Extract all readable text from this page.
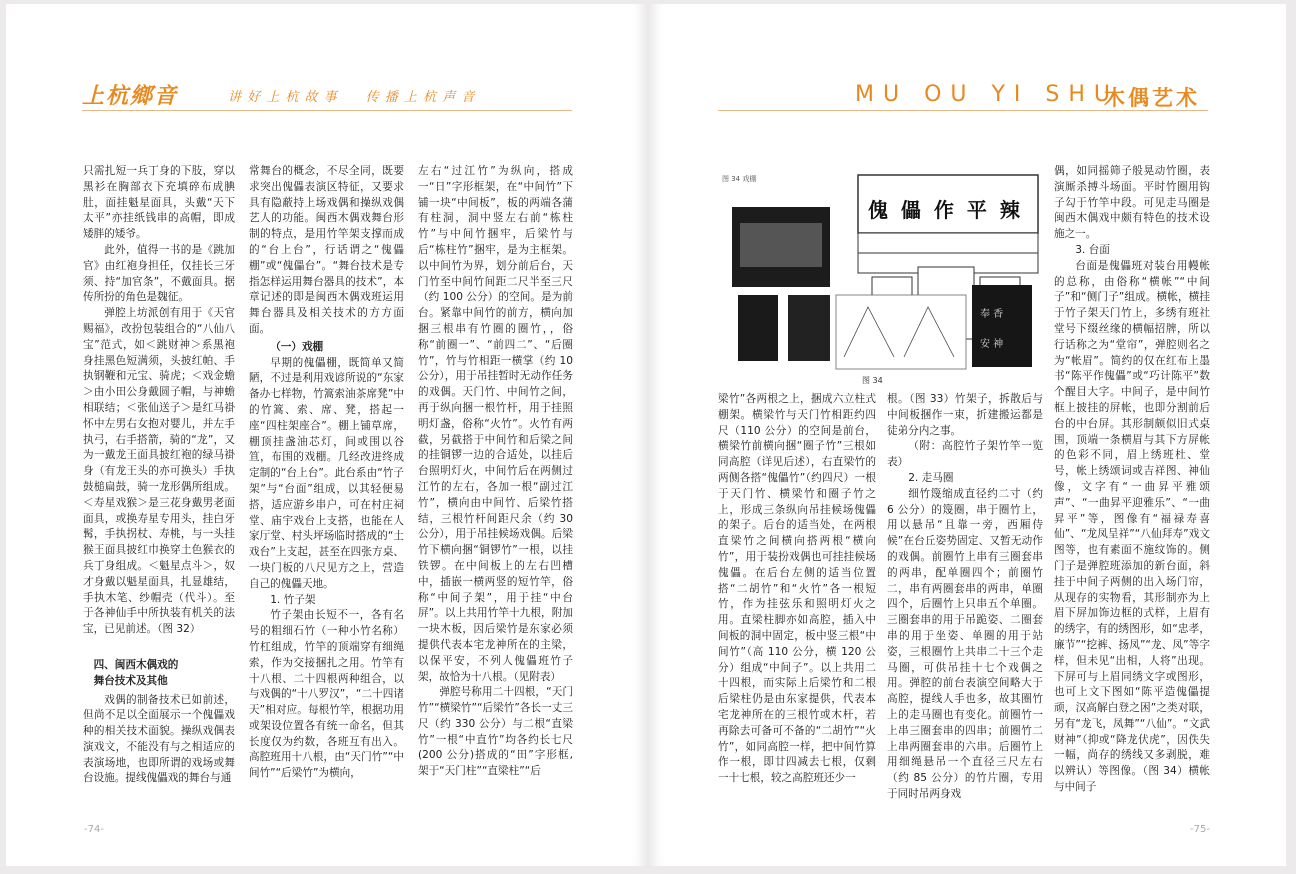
上杭鄉音	讲 好 上 杭 故 事　　传 播 上 杭 声 音

只需扎短一兵丁身的下肢，穿以黑衫在胸部衣下充填碎布成腆肚，面挂魁星面具，头戴“天下太平”亦挂纸钱串的高帽，即成矮胖的矮爷。

此外，值得一书的是《跳加官》由红袍身担任，仅挂长三牙须、持“加官条”，不戴面具。据传所扮的角色是魏征。

弹腔上坊派创有用于《天官赐福》，改扮包装组合的“八仙八宝”范式，如＜跳财神＞系黑袍身挂黑色短满须，头披红帕、手执钢鞭和元宝、骑虎；＜戏金蟾＞由小田公身戴圆子帽，与神蟾相联结；＜张仙送子＞是红马褂怀中左男右女抱对婴儿，并左手执弓，右手搭箭，骑的“龙”，又为一戴龙王面具披红袍的绿马褂身（有龙王头的亦可换头）手执鼓槌扁鼓，骑一龙形偶所组成。＜寿星戏猴＞是三花身戴男老面面具，或换寿星专用头，挂白牙髯，手执拐杖、寿桃，与一头挂猴王面具披红巾换穿土色猴衣的兵丁身组成。＜魁星点斗＞，奴才身戴以魁星面具，扎显雄结，手执木笔、纱帽壳（代斗）。至于各神仙手中所执装有机关的法宝，已见前述。（图 32）

四、闽西木偶戏的
舞台技术及其他

戏偶的制备技术已如前述，但尚不足以全面展示一个傀儡戏种的相关技术面貌。操纵戏偶表演戏文，不能没有与之相适应的表演场地，也即所谓的戏场或舞台设施。提线傀儡戏的舞台与通

常舞台的概念，不尽全同，既要求突出傀儡表演区特征，又要求具有隐蔽持上场戏偶和操纵戏偶艺人的功能。闽西木偶戏舞台形制的特点，是用竹竿架支撑而成的“台上台”，行话谓之“傀儡棚”或“傀儡台”。“舞台技术是专指怎样运用舞台器具的技术”，本章记述的即是闽西木偶戏班运用舞台器具及相关技术的方方面面。

（一）戏棚

早期的傀儡棚，既简单又简陋，不过是利用戏谚所说的“东家备办七样物，竹篙索油茶席凳”中的竹篙、索、席、凳，搭起一座“四柱架座合”。棚上铺草席，棚顶挂盏油芯灯，间或围以谷笪，布围的戏棚。几经改进终成定制的“台上台”。此台系由“竹子架”与“台面”组成，以其轻便易搭，适应游乡串户，可在村庄祠堂、庙宇戏台上支搭，也能在人家厅堂、村头坪场临时搭成的“土戏台”上支起，甚至在四张方桌、一块门板的八尺见方之上，营造自己的傀儡天地。

1. 竹子架

竹子架由长短不一，各有名号的粗细石竹（一种小竹名称）竹杠组成，竹竿的顶端穿有细绳索，作为交接捆扎之用。竹竿有十八根、二十四根两种组合，以与戏偶的“十八罗汉”，“二十四诸天”相对应。每根竹竿，根据功用或架设位置各有统一命名，但其长度仅为约数，各班互有出入。高腔班用十八根，由“天门竹”“中间竹”“后梁竹”为横向，

左右“过江竹”为纵向，搭成一“日”字形框架，在“中间竹”下铺一块“中间板”，板的两端各蒲有柱洞，洞中竖左右前“栋柱竹”与中间竹捆牢，后梁竹与后“栋柱竹”捆牢，是为主框架。以中间竹为界，划分前后台，天门竹至中间竹间距二尺半至三尺（约 100 公分）的空间。是为前台。紧靠中间竹的前方，横向加捆三根串有竹圈的圈竹，，俗称“前圈一”、“前四二”、“后圈竹”，竹与竹相距一横掌（约 10 公分），用于吊挂暂时无动作任务的戏偶。天门竹、中间竹之间，再于纵向捆一根竹杆，用于挂照明灯盏，俗称“火竹”。火竹有两截，另截搭于中间竹和后梁之间的挂铜锣一边的合适处，以挂后台照明灯火，中间竹后在两侧过江竹的左右，各加一根“副过江竹”，横向由中间竹、后梁竹搭结，三根竹杆间距尺余（约 30 公分），用于吊挂候场戏偶。后梁竹下横向捆“铜锣竹”一根，以挂铁锣。在中间板上的左右凹槽中，插嵌一横两竖的短竹竿，俗称“中间子架”，用于挂“中台屏”。以上共用竹竿十九根，附加一块木板，因后梁竹是东家必须提供代表本宅龙神所在的主梁，以保平安，不列人傀儡班竹子架，故恰为十八根。（见附表）

弹腔号称用二十四根，“天门竹”“横梁竹”“后梁竹”各长一丈三尺（约 330 公分）与二根“直梁竹”一根“中直竹”均各约长七尺(200 公分)搭成的“田”字形框, 架于“天门柱”“直梁柱”“后

-74-
MU OU YI SHU
木偶艺术
图 34 戏棚
傀 儡 作 平 辣
奉 香
安 神
图 34

梁竹”各两根之上，捆成六立柱式棚架。横梁竹与天门竹相距约四尺（110 公分）的空间是前台，横梁竹前横向捆“圈子竹”三根如同高腔（详见后述），右直梁竹的两侧各搭“傀儡竹”（约四尺）一根于天门竹、横梁竹和圈子竹之上，形成三条纵向吊挂候场傀儡的架子。后台的适当处，在两根直梁竹之间横向搭两根“横向竹”，用于装扮戏偶也可挂挂候场傀儡。在后台左侧的适当位置搭“二胡竹”和“火竹”各一根短竹，作为挂弦乐和照明灯火之用。直梁柱脚亦如高腔，插入中间板的洞中固定，板中竖三根“中间竹”（高 110 公分，横 120 公分）组成“中间子”。以上共用二十四根，而实际上后梁竹和二根后梁柱仍是由东家提供，代表本宅龙神所在的三根竹或木杆，若再除去可备可不备的“二胡竹”“火竹”，如同高腔一样，把中间竹算作一根，即廿四减去七根，仅剩一十七根，较之高腔班还少一

根。（图 33）竹架子，拆散后与中间板捆作一束，折建搬运都是徒弟分内之事。

（附：高腔竹子架竹竿一览表）

2. 走马圈

细竹篾缩成直径约二寸（约 6 公分）的篾圈，串于圈竹上，用以悬吊“且靠一旁，西厢侍候”在台丘姿势固定、又暂无动作的戏偶。前圈竹上串有三圈套串的两串，配单圈四个；前圈竹二，串有两圈套串的两串，单圈四个，后圈竹上只串五个单圈。三圈套串的用于吊跪姿、二圈套串的用于坐姿、单圈的用于站姿，三根圈竹上共串二十三个走马圈，可供吊挂十七个戏偶之用。弹腔的前台表演空间略大于高腔，提线人手也多，故其圈竹上的走马圈也有变化。前圈竹一上串三圈套串的四串；前圈竹二上串两圈套串的六串。后圈竹上用细绳悬吊一个直径三尺左右（约 85 公分）的竹片圈，专用于同时吊两身戏

偶，如同摇筛子般晃动竹圈，表演厮杀搏斗场面。平时竹圈用钩子勾于竹竿中段。可见走马圈是闽西木偶戏中颇有特色的技术设施之一。

3. 台面

台面是傀儡班对装台用幔帐的总称，由俗称“横帐”“中间子”和“侧门子”组成。横帐，横挂于竹子架天门竹上，多绣有班社堂号下缀丝缘的横幅招牌，所以行话称之为“堂帘”，弹腔则名之为“帐眉”。简约的仅在红布上墨书“陈平作傀儡”或“巧计陈平”数个醒目大字。中间子，是中间竹框上披挂的屏帐，也即分割前后台的中台屏。其形制颇似旧式桌围，顶端一条横眉与其下方屏帐的色彩不同，眉上绣班杜、堂号，帐上绣颂词或吉祥图、神仙像，文字有“一曲昇平雅颂声”、“一曲昇平迎雅乐”、“一曲昇平”等，图像有“福禄寿喜仙”、“龙凤呈祥”“八仙拜寿”戏文图等，也有素面不施纹饰的。侧门子是弹腔班添加的新台面，斜挂于中间子两侧的出入场门帘，从现存的实物看，其形制亦为上眉下屏加饰边框的式样，上眉有的绣字，有的绣图形，如“忠孝，廉节”“挖裤、扬凤”“龙、凤”等字样，但未见“出相，人将”出现。下屏可与上眉同绣文字或图形，也可上文下图如“陈平造傀儡提顽，汉高解白登之困”之类对联，另有“龙飞，凤舞”“八仙”。“文武财神”（抑或“降龙伏虎”，因佚失一幅，尚存的绣线又多剥脱，难以辨认）等图像。（图 34）横帐与中间子

-75-
